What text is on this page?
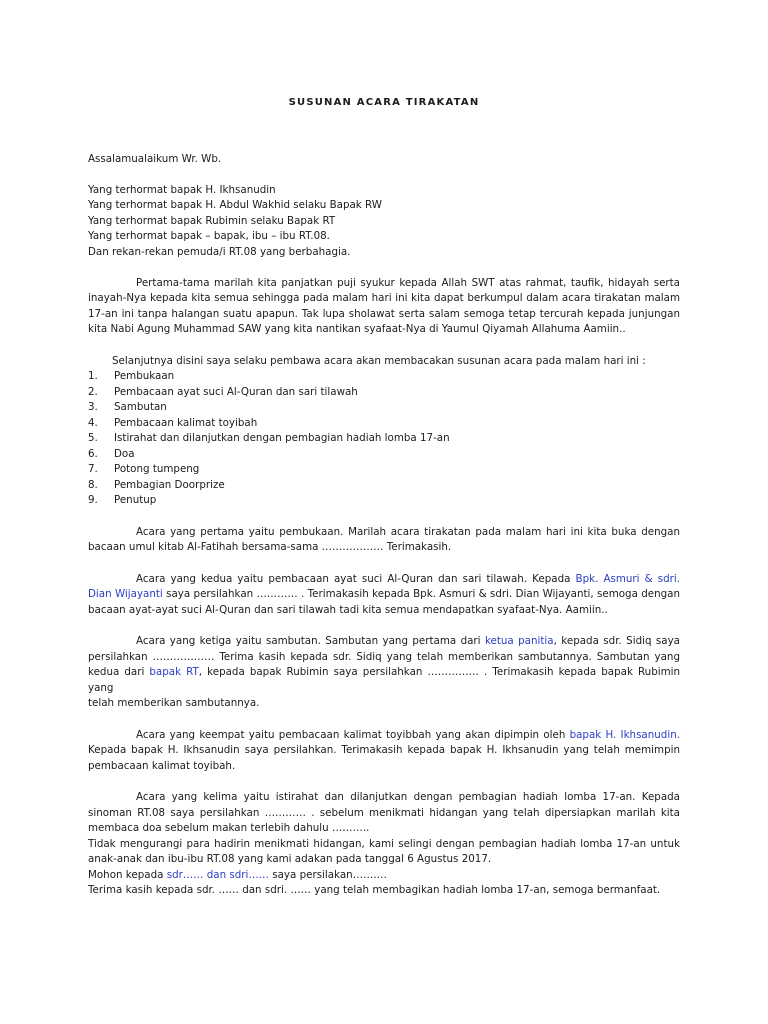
SUSUNAN ACARA TIRAKATAN

Assalamualaikum Wr. Wb.

Yang terhormat bapak H. Ikhsanudin

Yang terhormat bapak H. Abdul Wakhid selaku Bapak RW

Yang terhormat bapak Rubimin selaku Bapak RT

Yang terhormat bapak – bapak, ibu – ibu RT.08.

Dan rekan-rekan pemuda/i RT.08 yang berbahagia.

Pertama-tama marilah kita panjatkan puji syukur kepada Allah SWT atas rahmat, taufik, hidayah serta
inayah-Nya kepada kita semua sehingga pada malam hari ini kita dapat berkumpul dalam acara tirakatan malam
17-an ini tanpa halangan suatu apapun. Tak lupa sholawat serta salam semoga tetap tercurah kepada junjungan
kita Nabi Agung Muhammad SAW yang kita nantikan syafaat-Nya di Yaumul Qiyamah Allahuma Aamiin..
Selanjutnya disini saya selaku pembawa acara akan membacakan susunan acara pada malam hari ini :
1.	Pembukaan
2.	Pembacaan ayat suci Al-Quran dan sari tilawah
3.	Sambutan
4.	Pembacaan kalimat toyibah
5.	Istirahat dan dilanjutkan dengan pembagian hadiah lomba 17-an
6.	Doa
7.	Potong tumpeng
8.	Pembagian Doorprize
9.	Penutup
Acara yang pertama yaitu pembukaan. Marilah acara tirakatan pada malam hari ini kita buka dengan
bacaan umul kitab Al-Fatihah bersama-sama ……………… Terimakasih.
Acara yang kedua yaitu pembacaan ayat suci Al-Quran dan sari tilawah. Kepada Bpk. Asmuri & sdri.
Dian Wijayanti saya persilahkan ………… . Terimakasih kepada Bpk. Asmuri & sdri. Dian Wijayanti, semoga dengan
bacaan ayat-ayat suci Al-Quran dan sari tilawah tadi kita semua mendapatkan syafaat-Nya. Aamiin..
Acara yang ketiga yaitu sambutan. Sambutan yang pertama dari ketua panitia, kepada sdr. Sidiq saya
persilahkan ……………… Terima kasih kepada sdr. Sidiq yang telah memberikan sambutannya. Sambutan yang
kedua dari bapak RT, kepada bapak Rubimin saya persilahkan …………… . Terimakasih kepada bapak Rubimin yang
telah memberikan sambutannya.
Acara yang keempat yaitu pembacaan kalimat toyibbah yang akan dipimpin oleh bapak H. Ikhsanudin.
Kepada bapak H. Ikhsanudin saya persilahkan. Terimakasih kepada bapak H. Ikhsanudin yang telah memimpin
pembacaan kalimat toyibah.
Acara yang kelima yaitu istirahat dan dilanjutkan dengan pembagian hadiah lomba 17-an. Kepada
sinoman RT.08 saya persilahkan ………… . sebelum menikmati hidangan yang telah dipersiapkan marilah kita
membaca doa sebelum makan terlebih dahulu ………..
Tidak mengurangi para hadirin menikmati hidangan, kami selingi dengan pembagian hadiah lomba 17-an untuk
anak-anak dan ibu-ibu RT.08 yang kami adakan pada tanggal 6 Agustus 2017.
Mohon kepada sdr…… dan sdri…… saya persilakan……….
Terima kasih kepada sdr. …… dan sdri. …… yang telah membagikan hadiah lomba 17-an, semoga bermanfaat.
